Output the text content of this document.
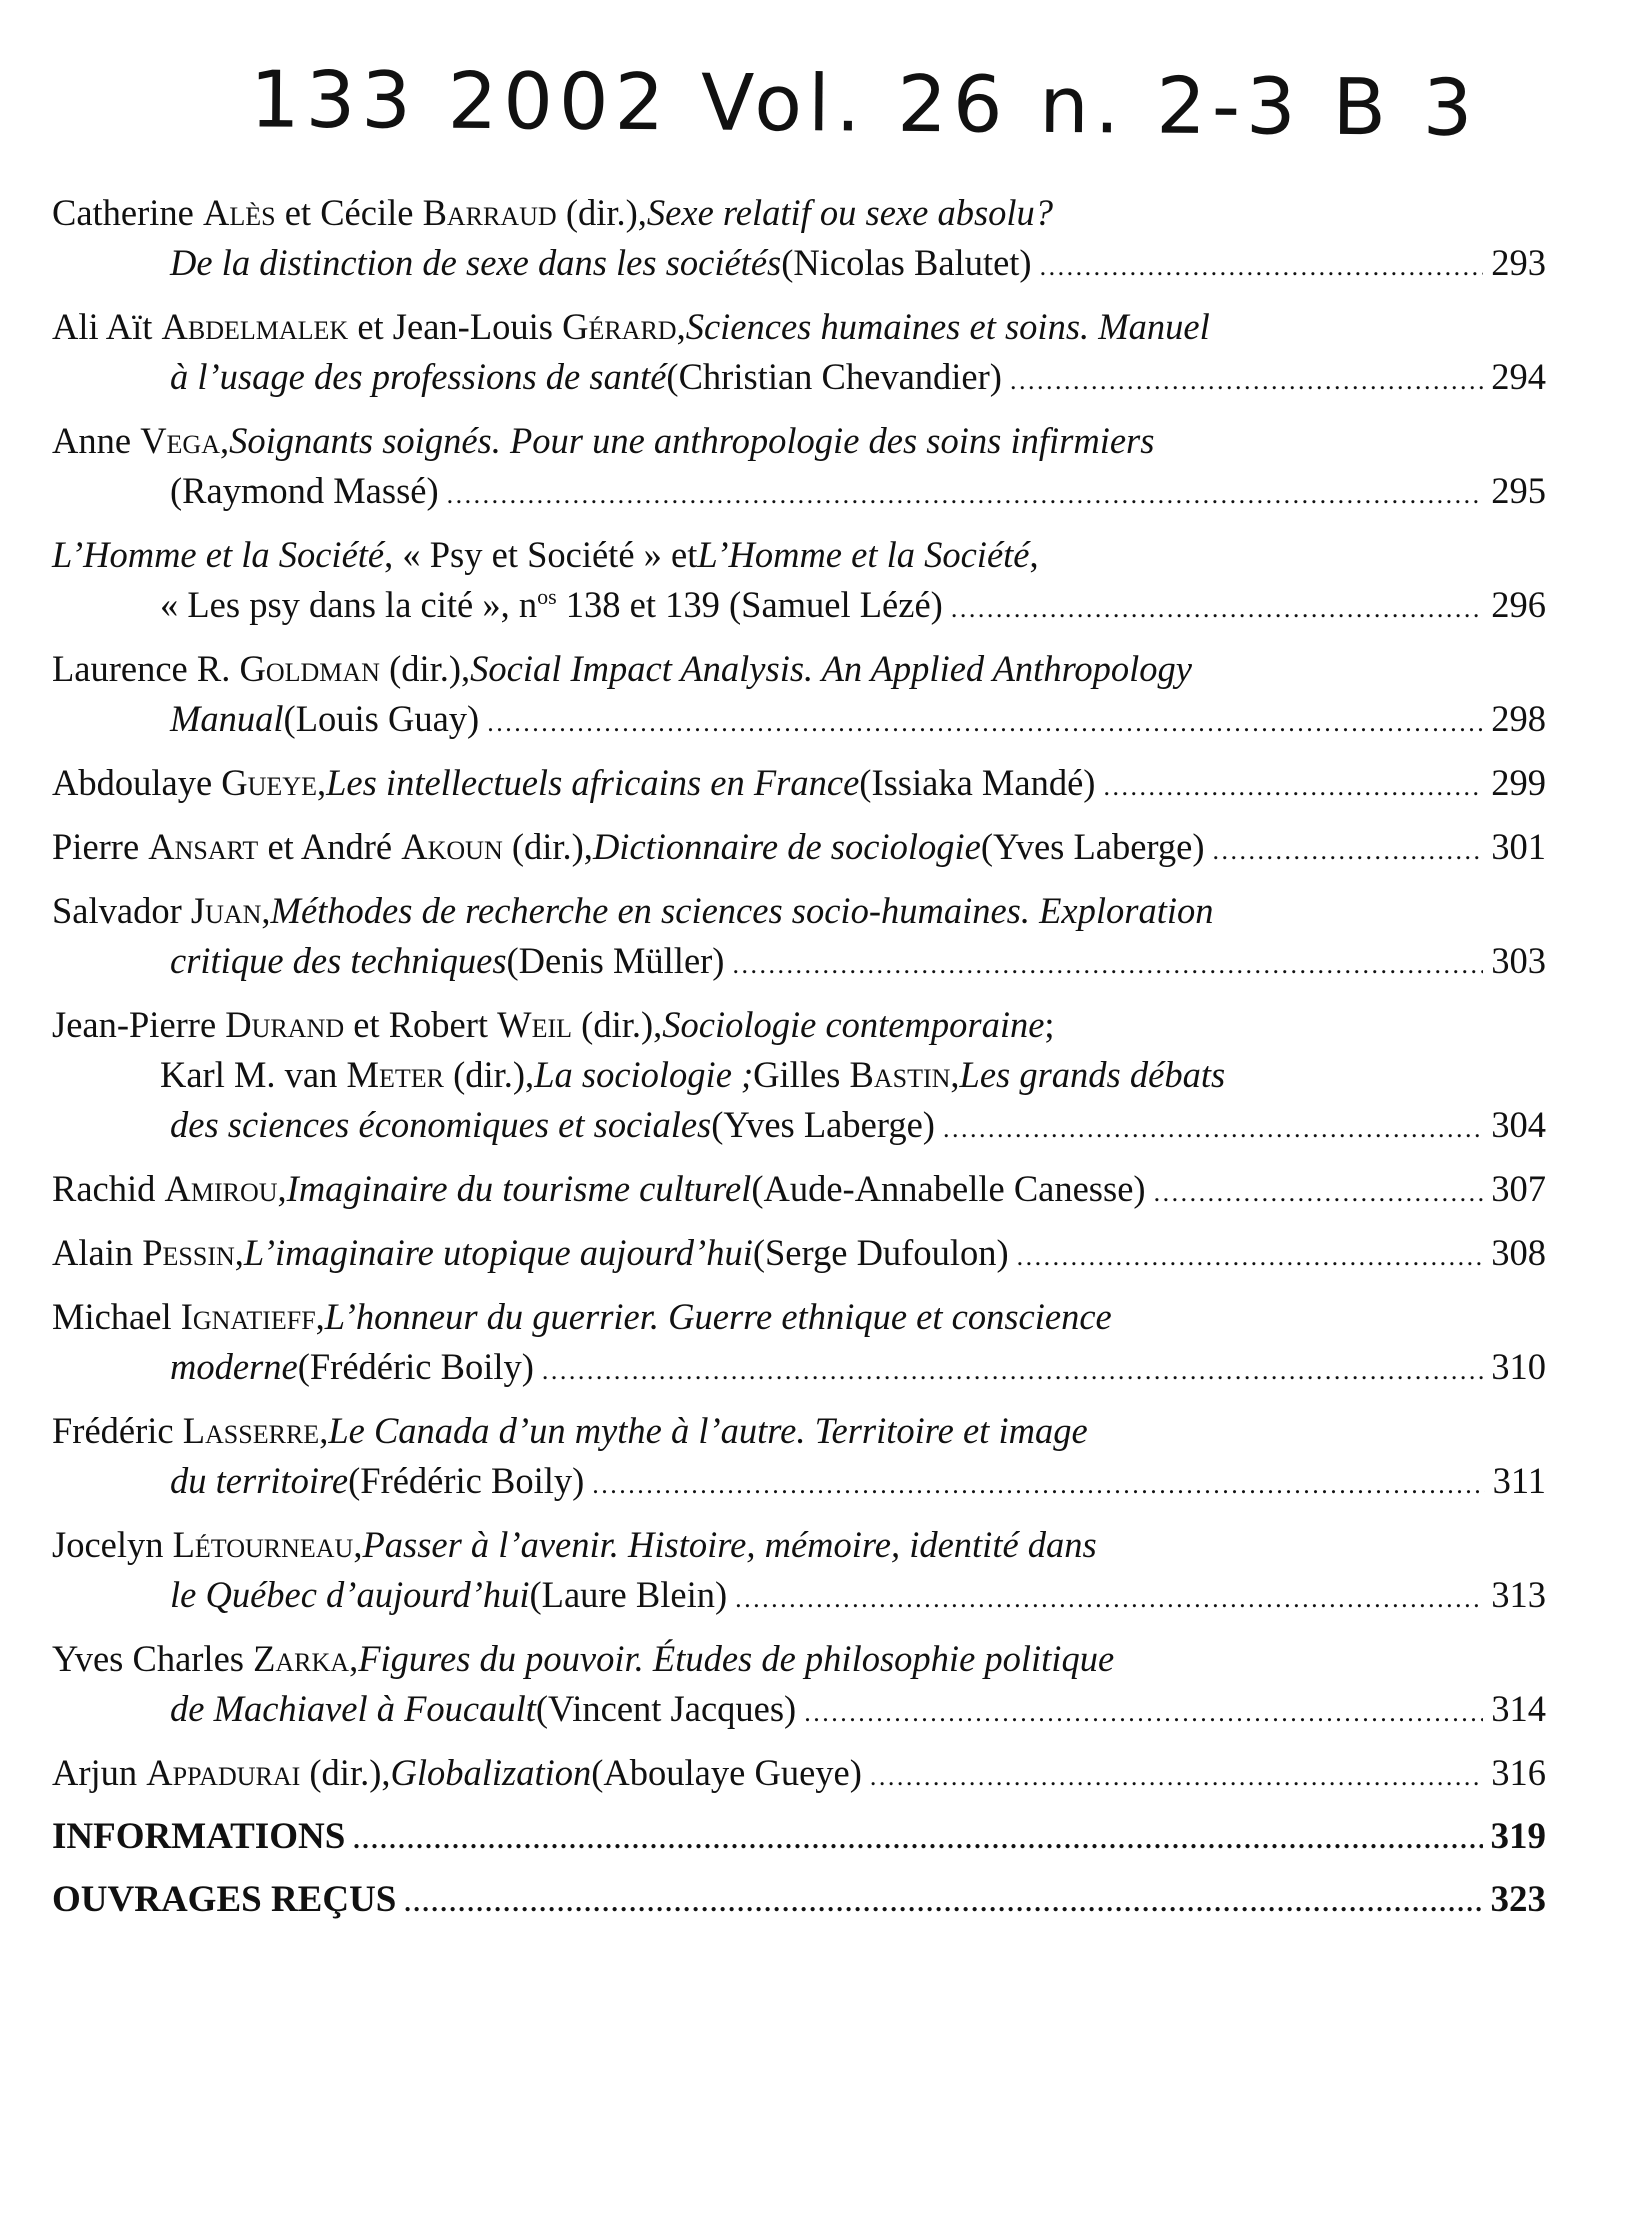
133 2002 Vol. 26 n. 2-3 B 3
Catherine Alès et Cécile Barraud (dir.), Sexe relatif ou sexe absolu?
De la distinction de sexe dans les sociétés (Nicolas Balutet) . . .	293
Ali Aït Abdelmalek et Jean-Louis Gérard, Sciences humaines et soins. Manuel
à l’usage des professions de santé (Christian Chevandier) . . .	294
Anne Vega, Soignants soignés. Pour une anthropologie des soins infirmiers
(Raymond Massé) . . .	295
L’Homme et la Société , « Psy et Société » et L’Homme et la Société ,
« Les psy dans la cité », $n^{os}$ 138 et 139 (Samuel Lézé) . . .	296
Laurence R. Goldman (dir.), Social Impact Analysis. An Applied Anthropology
Manual (Louis Guay) . . .	298
Abdoulaye Gueye, Les intellectuels africains en France (Issiaka Mandé) . . .	299
Pierre Ansart et André Akoun (dir.), Dictionnaire de sociologie (Yves Laberge) . . .	301
Salvador Juan, Méthodes de recherche en sciences socio-humaines. Exploration
critique des techniques (Denis Müller) . . .	303
Jean-Pierre Durand et Robert Weil (dir.), Sociologie contemporaine ;
Karl M. van Meter (dir.), La sociologie ; Gilles Bastin, Les grands débats
des sciences économiques et sociales (Yves Laberge) . . .	304
Rachid Amirou, Imaginaire du tourisme culturel (Aude-Annabelle Canesse) . . .	307
Alain Pessin, L’imaginaire utopique aujourd’hui (Serge Dufoulon) . . .	308
Michael Ignatieff, L’honneur du guerrier. Guerre ethnique et conscience
moderne (Frédéric Boily) . . .	310
Frédéric Lasserre, Le Canada d’un mythe à l’autre. Territoire et image
du territoire (Frédéric Boily) . . .	311
Jocelyn Létourneau, Passer à l’avenir. Histoire, mémoire, identité dans
le Québec d’aujourd’hui (Laure Blein) . . .	313
Yves Charles Zarka, Figures du pouvoir. Études de philosophie politique
de Machiavel à Foucault (Vincent Jacques) . . .	314
Arjun Appadurai (dir.), Globalization (Aboulaye Gueye) . . .	316
INFORMATIONS . . .	319
OUVRAGES REÇUS . . .	323
